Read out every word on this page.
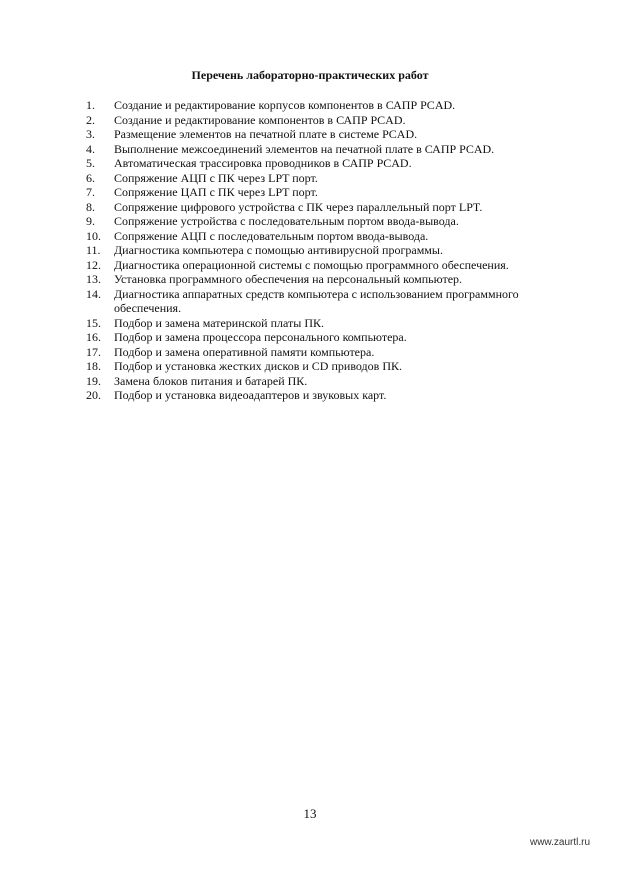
Перечень лабораторно-практических работ
1.	Создание и редактирование корпусов компонентов в САПР PCAD.
2.	Создание и редактирование компонентов в САПР PCAD.
3.	Размещение элементов на печатной плате в системе PCAD.
4.	Выполнение межсоединений элементов на печатной плате в САПР PCAD.
5.	Автоматическая трассировка проводников в САПР PCAD.
6.	Сопряжение АЦП с ПК через LPT порт.
7.	Сопряжение ЦАП с ПК через LPT порт.
8.	Сопряжение цифрового устройства с ПК через параллельный порт LPT.
9.	Сопряжение устройства с последовательным портом ввода-вывода.
10.	Сопряжение АЦП с последовательным портом ввода-вывода.
11.	Диагностика компьютера с помощью антивирусной программы.
12.	Диагностика операционной системы с помощью программного обеспечения.
13.	Установка программного обеспечения на персональный компьютер.
14.	Диагностика аппаратных средств компьютера с использованием программного обеспечения.
15.	Подбор и замена материнской платы ПК.
16.	Подбор и замена процессора персонального компьютера.
17.	Подбор и замена оперативной памяти компьютера.
18.	Подбор и установка жестких дисков и CD приводов ПК.
19.	Замена блоков питания и батарей ПК.
20.	Подбор и установка видеоадаптеров и звуковых карт.
13
www.zaurtl.ru
